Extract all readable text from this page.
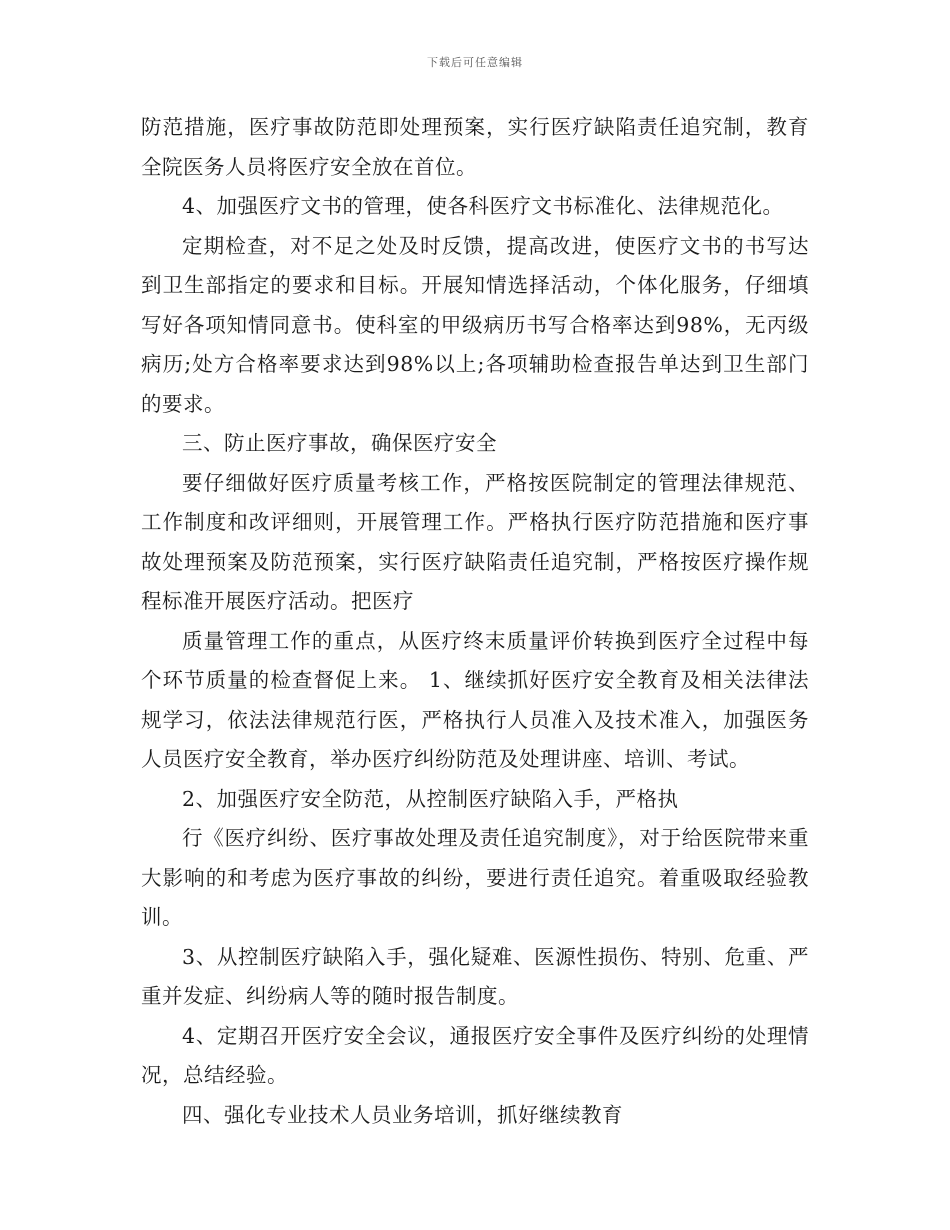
下载后可任意编辑

防范措施，医疗事故防范即处理预案，实行医疗缺陷责任追究制，教育全院医务人员将医疗安全放在首位。

4、加强医疗文书的管理，使各科医疗文书标准化、法律规范化。

定期检查，对不足之处及时反馈，提高改进，使医疗文书的书写达到卫生部指定的要求和目标。开展知情选择活动，个体化服务，仔细填写好各项知情同意书。使科室的甲级病历书写合格率达到98%，无丙级病历;处方合格率要求达到98%以上;各项辅助检查报告单达到卫生部门的要求。

三、防止医疗事故，确保医疗安全

要仔细做好医疗质量考核工作，严格按医院制定的管理法律规范、工作制度和改评细则，开展管理工作。严格执行医疗防范措施和医疗事故处理预案及防范预案，实行医疗缺陷责任追究制，严格按医疗操作规程标准开展医疗活动。把医疗

质量管理工作的重点，从医疗终末质量评价转换到医疗全过程中每个环节质量的检查督促上来。 1、继续抓好医疗安全教育及相关法律法规学习，依法法律规范行医，严格执行人员准入及技术准入，加强医务人员医疗安全教育，举办医疗纠纷防范及处理讲座、培训、考试。

2、加强医疗安全防范，从控制医疗缺陷入手，严格执

行《医疗纠纷、医疗事故处理及责任追究制度》，对于给医院带来重大影响的和考虑为医疗事故的纠纷，要进行责任追究。着重吸取经验教训。

3、从控制医疗缺陷入手，强化疑难、医源性损伤、特别、危重、严重并发症、纠纷病人等的随时报告制度。

4、定期召开医疗安全会议，通报医疗安全事件及医疗纠纷的处理情况，总结经验。

四、强化专业技术人员业务培训，抓好继续教育
